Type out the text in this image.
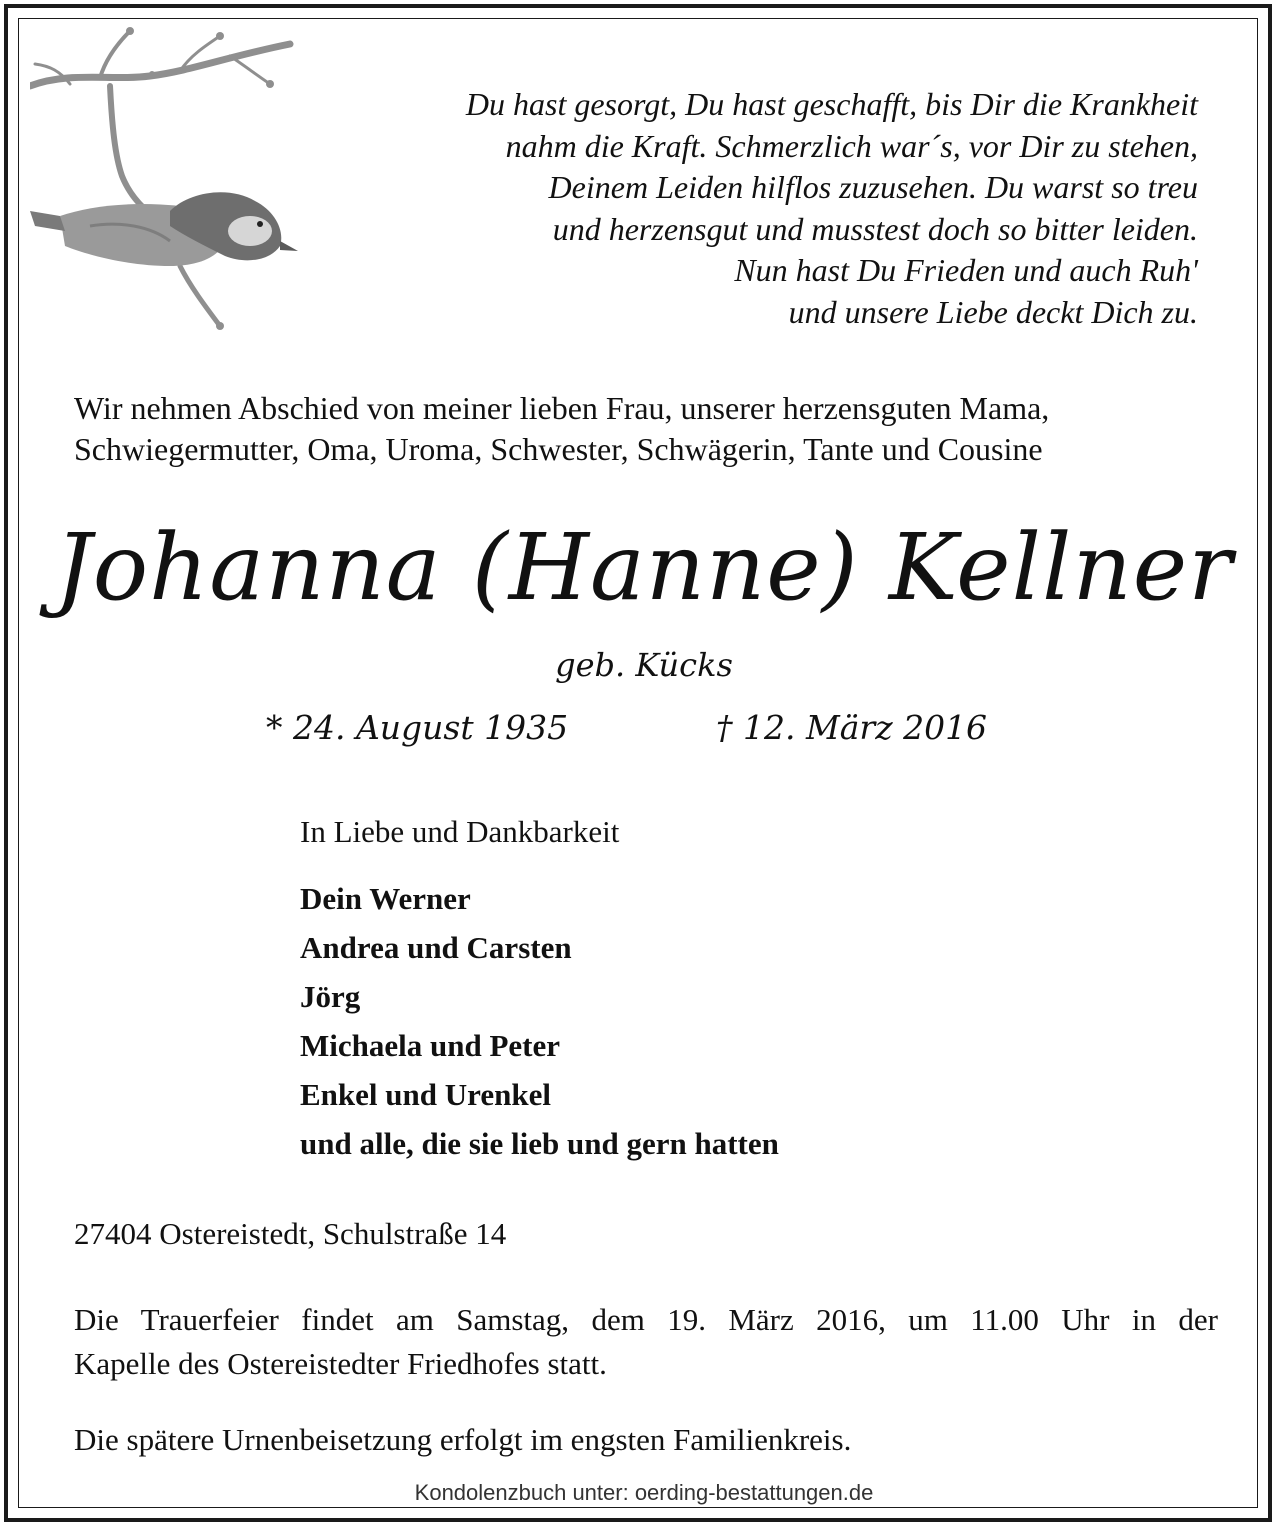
Du hast gesorgt, Du hast geschafft, bis Dir die Krankheit
nahm die Kraft. Schmerzlich war´s, vor Dir zu stehen,
Deinem Leiden hilflos zuzusehen. Du warst so treu
und herzensgut und musstest doch so bitter leiden.
Nun hast Du Frieden und auch Ruh'
und unsere Liebe deckt Dich zu.
Wir nehmen Abschied von meiner lieben Frau, unserer herzensguten Mama,
Schwiegermutter, Oma, Uroma, Schwester, Schwägerin, Tante und Cousine
Johanna (Hanne) Kellner
geb. Kücks
* 24. August 1935	† 12. März 2016
In Liebe und Dankbarkeit
Dein Werner
Andrea und Carsten
Jörg
Michaela und Peter
Enkel und Urenkel
und alle, die sie lieb und gern hatten
27404 Ostereistedt, Schulstraße 14
Die Trauerfeier findet am Samstag, dem 19. März 2016, um 11.00 Uhr in der
Kapelle des Ostereistedter Friedhofes statt.
Die spätere Urnenbeisetzung erfolgt im engsten Familienkreis.
Kondolenzbuch unter: oerding-bestattungen.de
